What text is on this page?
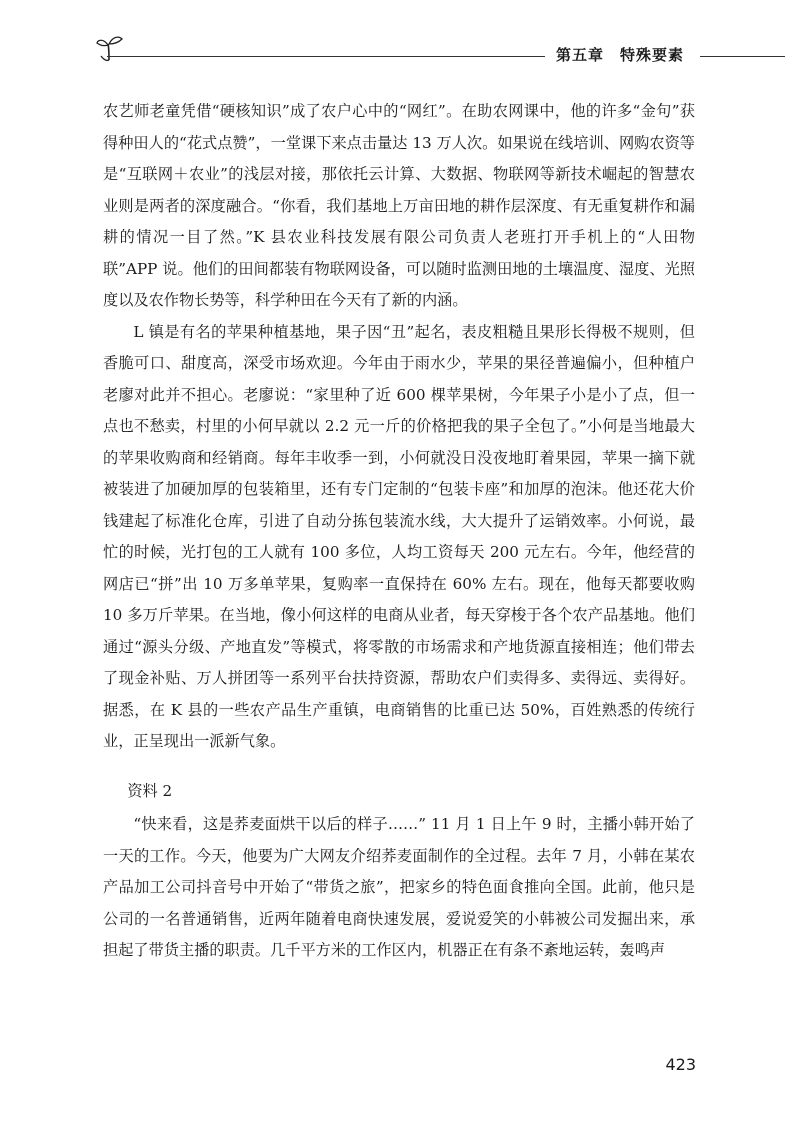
第五章　特殊要素

农艺师老童凭借“硬核知识”成了农户心中的“网红”。在助农网课中，他的许多“金句”获得种田人的“花式点赞”，一堂课下来点击量达 13 万人次。如果说在线培训、网购农资等是“互联网＋农业”的浅层对接，那依托云计算、大数据、物联网等新技术崛起的智慧农业则是两者的深度融合。“你看，我们基地上万亩田地的耕作层深度、有无重复耕作和漏耕的情况一目了然。”K 县农业科技发展有限公司负责人老班打开手机上的“人田物联”APP 说。他们的田间都装有物联网设备，可以随时监测田地的土壤温度、湿度、光照度以及农作物长势等，科学种田在今天有了新的内涵。

L 镇是有名的苹果种植基地，果子因“丑”起名，表皮粗糙且果形长得极不规则，但香脆可口、甜度高，深受市场欢迎。今年由于雨水少，苹果的果径普遍偏小，但种植户老廖对此并不担心。老廖说：“家里种了近 600 棵苹果树，今年果子小是小了点，但一点也不愁卖，村里的小何早就以 2.2 元一斤的价格把我的果子全包了。”小何是当地最大的苹果收购商和经销商。每年丰收季一到，小何就没日没夜地盯着果园，苹果一摘下就被装进了加硬加厚的包装箱里，还有专门定制的“包装卡座”和加厚的泡沫。他还花大价钱建起了标准化仓库，引进了自动分拣包装流水线，大大提升了运销效率。小何说，最忙的时候，光打包的工人就有 100 多位，人均工资每天 200 元左右。今年，他经营的网店已“拼”出 10 万多单苹果，复购率一直保持在 60% 左右。现在，他每天都要收购 10 多万斤苹果。在当地，像小何这样的电商从业者，每天穿梭于各个农产品基地。他们通过“源头分级、产地直发”等模式，将零散的市场需求和产地货源直接相连；他们带去了现金补贴、万人拼团等一系列平台扶持资源，帮助农户们卖得多、卖得远、卖得好。据悉，在 K 县的一些农产品生产重镇，电商销售的比重已达 50%，百姓熟悉的传统行业，正呈现出一派新气象。

资料 2

“快来看，这是荞麦面烘干以后的样子……” 11 月 1 日上午 9 时，主播小韩开始了一天的工作。今天，他要为广大网友介绍荞麦面制作的全过程。去年 7 月，小韩在某农产品加工公司抖音号中开始了“带货之旅”，把家乡的特色面食推向全国。此前，他只是公司的一名普通销售，近两年随着电商快速发展，爱说爱笑的小韩被公司发掘出来，承担起了带货主播的职责。几千平方米的工作区内，机器正在有条不紊地运转，轰鸣声

423
